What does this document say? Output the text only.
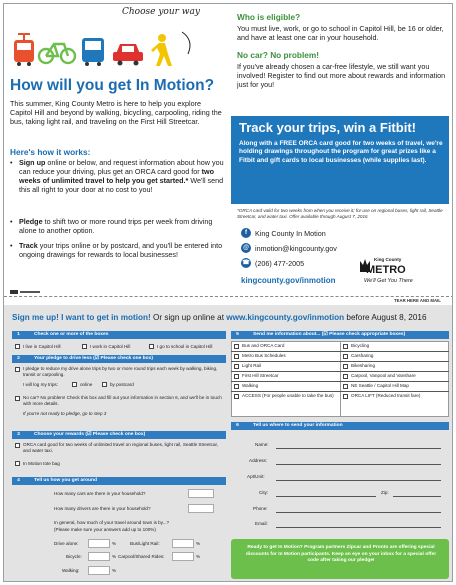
Choose your way
How will you get In Motion?
This summer, King County Metro is here to help you explore Capitol Hill and beyond by walking, bicycling, carpooling, riding the bus, taking light rail, and traveling on the First Hill Streetcar.
Here's how it works:
• Sign up online or below, and request information about how you can reduce your driving, plus get an ORCA card good for two weeks of unlimited travel to help you get started.* We'll send this all right to your door at no cost to you!
• Pledge to shift two or more round trips per week from driving alone to another option.
• Track your trips online or by postcard, and you'll be entered into ongoing drawings for rewards to local businesses!
Who is eligible?
You must live, work, or go to school in Capitol Hill, be 16 or older, and have at least one car in your household.
No car? No problem!
If you've already chosen a car-free lifestyle, we still want you involved! Register to find out more about rewards and information just for you!
Track your trips, win a Fitbit!
Along with a FREE ORCA card good for two weeks of travel, we're holding drawings throughout the program for great prizes like a Fitbit and gift cards to local businesses (while supplies last).
*ORCA card valid for two weeks from when you receive it; for use on regional buses, light rail, Seattle Streetcar, and water taxi. Offer available through August 7, 2016
f	King County In Motion
@ inmotion@kingcounty.gov
☎ (206) 477-2005
kingcounty.gov/inmotion
King County
METRO
We'll Get You There
TEAR HERE AND MAIL
Sign me up! I want to get in motion! Or sign up online at www.kingcounty.gov/inmotion before August 8, 2016
1	Check one or more of the boxes
I live in Capitol Hill	I work in Capitol Hill	I go to school in Capitol Hill
2	Your pledge to drive less (☑ Please check one box)
I pledge to reduce my drive alone trips by two or more round trips each week by walking, biking, transit or carpooling.
I will log my trips:	online	by postcard
No car? No problem! Check this box and fill out your information in section 6, and we'll be in touch with more details.
If you're not ready to pledge, go to step 3
3	Choose your rewards (☑ Please check one box)
ORCA card good for two weeks of unlimited travel on regional buses, light rail, Seattle Streetcar, and water taxi.
In Motion tote bag
4	Tell us how you get around
How many cars are there in your household?
How many drivers are there in your household?
In general, how much of your travel around town is by...?
(Please make sure your answers add up to 100%)
Drive alone:	%	Bus/Light Rail:	%
Bicycle:	% Carpool/Shared Rides:	%
Walking:	%
5	Send me information about... (☑ Please check appropriate boxes)
Bus and ORCA Card	Bicycling
Metro Bus Schedules	Carsharing
Light Rail	Bikesharing
First Hill Streetcar	Carpool, Vanpool and Vanshare
Walking	NE Seattle / Capitol Hill Map
ACCESS (For people unable to take the bus)	ORCA LIFT (Reduced transit fare)
6	Tell us where to send your information
Name:
Address:
Apt/Unit:
City:	Zip:
Phone:
Email:
Ready to get In Motion? Program partners Zipcar and Pronto are offering special discounts for In Motion participants. Keep an eye on your inbox for a special offer code after taking our pledge!
